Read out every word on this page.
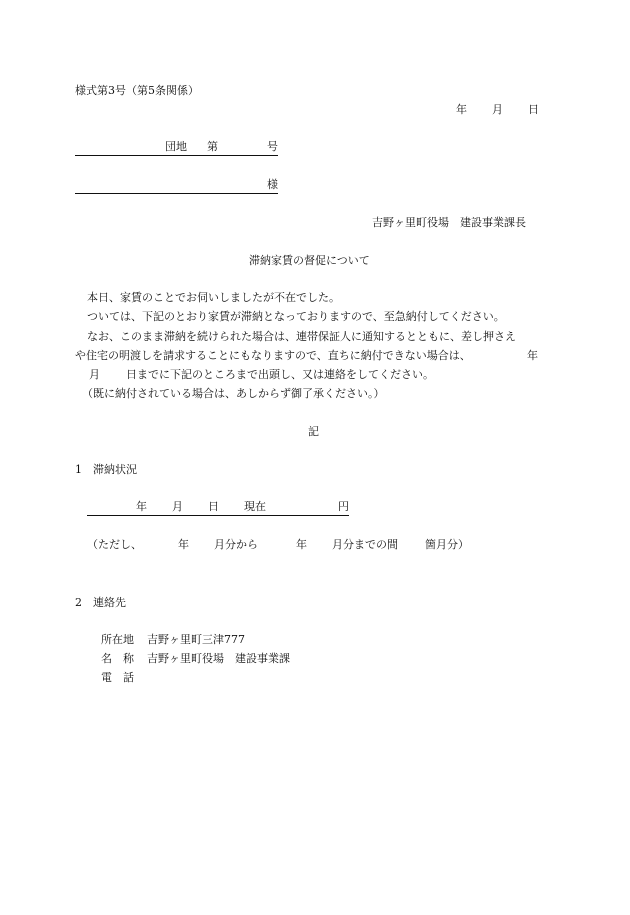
様式第3号（第5条関係）
年 月 日
団地 第	号
様
吉野ヶ里町役場　建設事業課長
滞納家賃の督促について
本日、家賃のことでお伺いしましたが不在でした。
ついては、下記のとおり家賃が滞納となっておりますので、至急納付してください。
なお、このまま滞納を続けられた場合は、連帯保証人に通知するとともに、差し押さえ
や住宅の明渡しを請求することにもなりますので、直ちに納付できない場合は、	年
月 日までに下記のところまで出頭し、又は連絡をしてください。
（既に納付されている場合は、あしからず御了承ください。）
記
1　滞納状況
年 月 日 現在	円
（ただし、	年 月分から	年 月分までの間 箇月分）
2　連絡先
所在地 吉野ヶ里町三津777
名　称 吉野ヶ里町役場　建設事業課
電　話
